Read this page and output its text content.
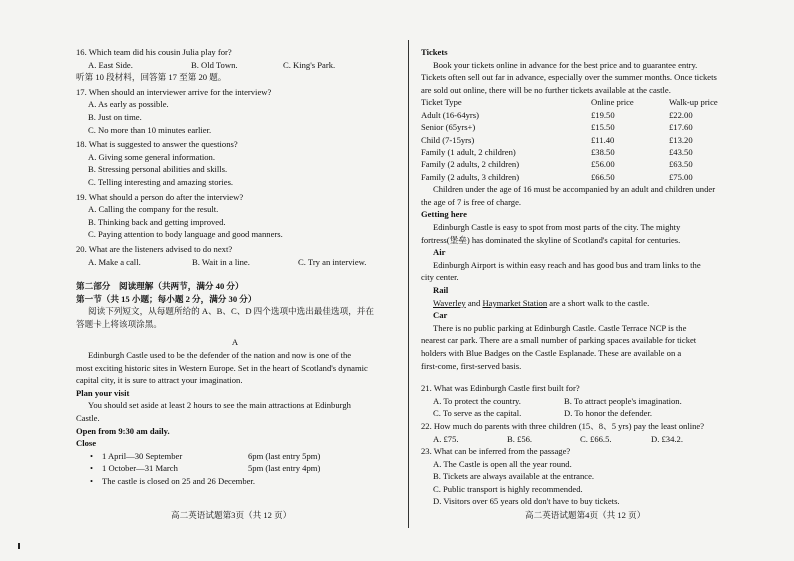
16. Which team did his cousin Julia play for?
A. East Side.	B. Old Town.	C. King's Park.
听第 10 段材料，回答第 17 至第 20 题。
17. When should an interviewer arrive for the interview?
A. As early as possible.
B. Just on time.
C. No more than 10 minutes earlier.
18. What is suggested to answer the questions?
A. Giving some general information.
B. Stressing personal abilities and skills.
C. Telling interesting and amazing stories.
19. What should a person do after the interview?
A. Calling the company for the result.
B. Thinking back and getting improved.
C. Paying attention to body language and good manners.
20. What are the listeners advised to do next?
A. Make a call.	B. Wait in a line.	C. Try an interview.
第二部分　阅读理解（共两节，满分 40 分）
第一节（共 15 小题；每小题 2 分，满分 30 分）
阅读下列短文，从每题所给的 A、B、C、D 四个选项中选出最佳选项，并在
答题卡上将该项涂黑。
A
Edinburgh Castle used to be the defender of the nation and now is one of the
most exciting historic sites in Western Europe. Set in the heart of Scotland's dynamic
capital city, it is sure to attract your imagination.
Plan your visit
You should set aside at least 2 hours to see the main attractions at Edinburgh
Castle.
Open from 9:30 am daily.
Close
• 1 April—30 September	6pm (last entry 5pm)
• 1 October—31 March	5pm (last entry 4pm)
• The castle is closed on 25 and 26 December.
高二英语试题第3页（共 12 页）
Tickets
Book your tickets online in advance for the best price and to guarantee entry.
Tickets often sell out far in advance, especially over the summer months. Once tickets
are sold out online, there will be no further tickets available at the castle.
Ticket Type	Online price	Walk-up price
Adult (16-64yrs)	£19.50	£22.00
Senior (65yrs+)	£15.50	£17.60
Child (7-15yrs)	£11.40	£13.20
Family (1 adult, 2 children)	£38.50	£43.50
Family (2 adults, 2 children)	£56.00	£63.50
Family (2 adults, 3 children)	£66.50	£75.00
Children under the age of 16 must be accompanied by an adult and children under
the age of 7 is free of charge.
Getting here
Edinburgh Castle is easy to spot from most parts of the city. The mighty
fortress(堡垒) has dominated the skyline of Scotland's capital for centuries.
Air
Edinburgh Airport is within easy reach and has good bus and tram links to the
city center.
Rail
Waverley and Haymarket Station are a short walk to the castle.
Car
There is no public parking at Edinburgh Castle. Castle Terrace NCP is the
nearest car park. There are a small number of parking spaces available for ticket
holders with Blue Badges on the Castle Esplanade. These are available on a
first-come, first-served basis.
21. What was Edinburgh Castle first built for?
A. To protect the country.	B. To attract people's imagination.
C. To serve as the capital.	D. To honor the defender.
22. How much do parents with three children (15、8、5 yrs) pay the least online?
A. £75.	B. £56.	C. £66.5.	D. £34.2.
23. What can be inferred from the passage?
A. The Castle is open all the year round.
B. Tickets are always available at the entrance.
C. Public transport is highly recommended.
D. Visitors over 65 years old don't have to buy tickets.
高二英语试题第4页（共 12 页）
